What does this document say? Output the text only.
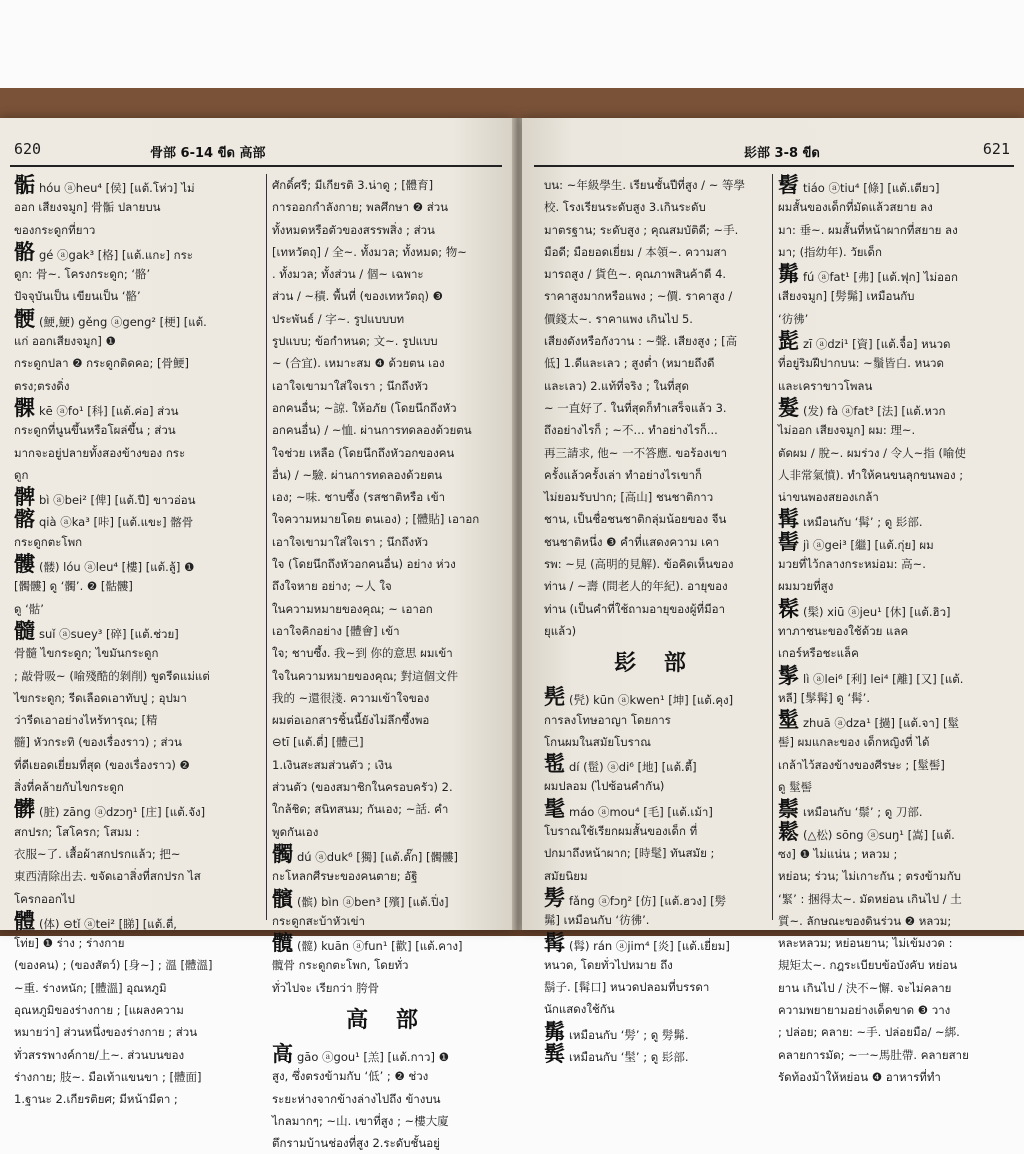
620	骨部 6-14 ขีด 高部
骺hóu ⓐheu⁴ [侯] [แต้.โห่ว] ไม่
ออก เสียงจมูก] 骨骺 ปลายบน
ของกระดูกที่ยาว
骼gé ⓐgak³ [格] [แต้.แกะ] กระ
ดูก: 骨~. โครงกระดูก; ‘骼’
ปัจจุบันเป็น เขียนเป็น ‘骼’
骾 (鯁,鯁) gěng ⓐgeng² [梗] [แต้.
แก่ ออกเสียงจมูก] ❶
กระดูกปลา ❷ กระดูกติดคอ; [骨鯁]
ตรง;ตรงดิ่ง
髁kē ⓐfo¹ [科] [แต้.ค่อ] ส่วน
กระดูกที่นูนขึ้นหรือโผล่ขึ้น ; ส่วน
มากจะอยู่ปลายทั้งสองข้างของ กระ
ดูก
髀bì ⓐbei² [俾] [แต้.ปี] ขาวอ่อน
髂qià ⓐka³ [咔] [แต้.แขะ] 髂骨
กระดูกตะโพก
髏 (髅) lóu ⓐleu⁴ [樓] [แต้.ลู้] ❶
[髑髏] ดู ‘髑’. ❷ [骷髏]
ดู ‘骷’
髓suǐ ⓐsuey³ [碎] [แต้.ช่วย]
骨髓 ไขกระดูก; ไขมันกระดูก
; 敲骨吸~ (喻殘酷的剝削) ขูดรีดแม่แต่
ไขกระดูก; รีดเลือดเอาทับปู ; อุปมา
ว่ารีดเอาอย่างไหร้ทารุณ; [精
髓] หัวกระทิ (ของเรื่องราว) ; ส่วน
ที่ดีเยอดเยี่ยมที่สุด (ของเรื่องราว) ❷
สิ่งที่คล้ายกับไขกระดูก
髒 (脏) zāng ⓐdzɔŋ¹ [庄] [แต้.จัง]
สกปรก; โสโครก; โสมม :
衣服~了. เสื้อผ้าสกปรกแล้ว; 把~
東西清除出去. ขจัดเอาสิ่งที่สกปรก ไส
โครกออกไป
體 (体) ⊖tǐ ⓐtei² [睇] [แต้.ตี่,
โท่ย] ❶ ร่าง ; ร่างกาย
(ของคน) ; (ของสัตว์) [身~] ; 溫 [體溫]
~重. ร่างหนัก; [體溫] อุณหภูมิ
อุณหภูมิของร่างกาย ; [แผลงความ
หมายว่า] ส่วนหนึ่งของร่างกาย ; ส่วน
ทั่วสรรพางค์กาย/上~. ส่วนบนของ
ร่างกาย; 肢~. มือเท้าแขนขา ; [體面]
1.ฐานะ 2.เกียรติยศ; มีหน้ามีตา ;
ศักดิ์ศรี; มีเกียรติ 3.น่าดู ; [體育]
การออกกำลังกาย; พลศึกษา ❷ ส่วน
ทั้งหมดหรือตัวของสรรพสิ่ง ; ส่วน
[เทหวัตถุ] / 全~. ทั้งมวล; ทั้งหมด; 物~
. ทั้งมวล; ทั้งส่วน / 個~ เฉพาะ
ส่วน / ~積. พื้นที่ (ของเทหวัตถุ) ❸
ประพันธ์ / 字~. รูปแบบบท
รูปแบบ; ข้อกำหนด; 文~. รูปแบบ
~ (合宜). เหมาะสม ❹ ด้วยตน เอง
เอาใจเขามาใส่ใจเรา ; นึกถึงหัว
อกคนอื่น; ~諒. ให้อภัย (โดยนึกถึงหัว
อกคนอื่น) / ~恤. ผ่านการทดลองด้วยตน
ใจช่วย เหลือ (โดยนึกถึงหัวอกของคน
อื่น) / ~驗. ผ่านการทดลองด้วยตน
เอง; ~味. ชาบซึ้ง (รสชาติหรือ เข้า
ใจความหมายโดย ตนเอง) ; [體貼] เอาอก
เอาใจเขามาใส่ใจเรา ; นึกถึงหัว
ใจ (โดยนึกถึงหัวอกคนอื่น) อย่าง ห่วง
ถึงใจหาย อย่าง; ~人 ใจ
ในความหมายของคุณ; ~ เอาอก
เอาใจคิกอย่าง [體會] เข้า
ใจ; ชาบซึ้ง. 我~到 你的意思 ผมเข้า
ใจในความหมายของคุณ; 對這個文件
我的 ~還很淺. ความเข้าใจของ
ผมต่อเอกสารชิ้นนี้ยังไม่ลึกซึ้งพอ
⊖tī [แต้.ตี่] [體己]
1.เงินสะสมส่วนตัว ; เงิน
ส่วนตัว (ของสมาชิกในครอบครัว) 2.
ใกล้ชิด; สนิทสนม; กันเอง; ~話. คำ
พูดกันเอง
髑dú ⓐduk⁶ [獨] [แต้.ตั๊ก] [髑髏]
กะโหลกศีรษะของคนตาย; อัฐิ
髕 (髌) bìn ⓐben³ [殯] [แต้.ปิ่ง]
กระดูกสะบ้าหัวเข่า
髖 (髋) kuān ⓐfun¹ [歡] [แต้.คาง]
髖骨 กระดูกตะโพก, โดยทั่ว
ทั่วไปจะ เรียกว่า 胯骨
高 部
高gāo ⓐgou¹ [羔] [แต้.กาว] ❶
สูง, ซึ่งตรงข้ามกับ ‘低’ ; ❷ ช่วง
ระยะห่างจากข้างล่างไปถึง ข้างบน
ไกลมากๆ; ~山. เขาที่สูง ; ~樓大廈
ตึกรามบ้านช่องที่สูง 2.ระดับชั้นอยู่
髟部 3-8 ขีด	621
บน: ~年級學生. เรียนชั้นปีที่สูง / ~ 等學
校. โรงเรียนระดับสูง 3.เกินระดับ
มาตรฐาน; ระดับสูง ; คุณสมบัติดี; ~手.
มือดี; มือยอดเยี่ยม / 本領~. ความสา
มารถสูง / 貨色~. คุณภาพสินค้าดี 4.
ราคาสูงมากหรือแพง ; ~價. ราคาสูง /
價錢太~. ราคาแพง เกินไป 5.
เสียงดังหรือกังวาน : ~聲. เสียงสูง ; [高
低] 1.ดีและเลว ; สูงต่ำ (หมายถึงดี
และเลว) 2.แท้ที่จริง ; ในที่สุด
~ 一直好了. ในที่สุดก็ทำเสร็จแล้ว 3.
ถึงอย่างไรก็ ; ~不... ทำอย่างไรก็...
再三請求, 他~ 一不答應. ขอร้องเขา
ครั้งแล้วครั้งเล่า ทำอย่างไรเขาก็
ไม่ยอมรับปาก; [高山] ชนชาติกาว
ชาน, เป็นชื่อชนชาติกลุ่มน้อยของ จีน
ชนชาติหนึ่ง ❸ คำที่แสดงความ เคา
รพ: ~見 (高明的見解). ข้อคิดเห็นของ
ท่าน / ~壽 (問老人的年紀). อายุของ
ท่าน (เป็นคำที่ใช้ถามอายุของผู้ที่มีอา
ยุแล้ว)
髟 部
髡 (髠) kūn ⓐkwen¹ [坤] [แต้.คุง]
การลงโทษอาญา โดยการ
โกนผมในสมัยโบราณ
髢dí (髢) ⓐdi⁶ [地] [แต้.ตี้]
ผมปลอม (ไปซ้อนคำกัน)
髦máo ⓐmou⁴ [毛] [แต้.เม้า]
โบราณใช้เรียกผมสั้นของเด็ก ที่
ปกมาถึงหน้าผาก; [時髦] ทันสมัย ;
สมัยนิยม
髣fǎng ⓐfɔŋ² [仿] [แต้.ฮวง] [髣
髴] เหมือนกับ ‘彷彿’.
髯 (髥) rán ⓐjim⁴ [炎] [แต้.เยี่ยม]
หนวด, โดยทั่วไปหมาย ถึง
鬍子. [髯口] หนวดปลอมที่บรรดา
นักแสดงใช้กัน
髴เหมือนกับ ‘髣’ ; ดู 髣髴.
髸เหมือนกับ ‘髬’ ; ดู 髟部.
髫tiáo ⓐtiu⁴ [條] [แต้.เตียว]
ผมสั้นของเด็กที่มัดแล้วสยาย ลง
มา: 垂~. ผมสั้นที่หน้าผากที่สยาย ลง
มา; (指幼年). วัยเด็ก
髴fú ⓐfat¹ [弗] [แต้.ฟุก] ไม่ออก
เสียงจมูก] [髣髴] เหมือนกับ
‘彷彿’
髭zī ⓐdzi¹ [資] [แต้.จื๋อ] หนวด
ที่อยู่ริมฝีปากบน: ~鬚皆白. หนวด
และเคราขาวโพลน
髮 (发) fà ⓐfat³ [法] [แต้.หวก
ไม่ออก เสียงจมูก] ผม: 理~.
ตัดผม / 脫~. ผมร่วง / 令人~指 (喻使
人非常氣憤). ทำให้คนขนลุกขนพอง ;
น่าขนพองสยองเกล้า
髯เหมือนกับ ‘髯’ ; ดู 髟部.
髻jì ⓐgei³ [繼] [แต้.กุ่ย] ผม
มวยที่ไว้กลางกระหม่อม: 高~.
ผมมวยที่สูง
髹 (髤) xiū ⓐjeu¹ [休] [แต้.ฮิว]
ทาภาชนะของใช้ด้วย แลค
เกอร์หรือชะแล็ค
髳lì ⓐlei⁶ [利] lei⁴ [離] [又] [แต้.
หลี] [髳髯] ดู ‘髯’.
髽zhuā ⓐdza¹ [撾] [แต้.จา] [髽
髻] ผมแกละของ เด็กหญิงที่ ได้
เกล้าไว้สองข้างของศีรษะ ; [髽髻]
ดู 髽髻
鬃เหมือนกับ ‘鬃’ ; ดู 刀部.
鬆 (△松) sōng ⓐsuŋ¹ [嵩] [แต้.
ซง] ❶ ไม่แน่น ; หลวม ;
หย่อน; ร่วน; ไม่เกาะกัน ; ตรงข้ามกับ
‘緊’ : 捆得太~. มัดหย่อน เกินไป / 土
質~. ลักษณะของดินร่วน ❷ หลวม;
หละหลวม; หย่อนยาน; ไม่เข้มงวด :
規矩太~. กฎระเบียบข้อบังคับ หย่อน
ยาน เกินไป / 決不~懈. จะไม่คลาย
ความพยายามอย่างเด็ดขาด ❸ วาง
; ปล่อย; คลาย: ~手. ปล่อยมือ/ ~綁.
คลายการมัด; ~一~馬肚帶. คลายสาย
รัดท้องม้าให้หย่อน ❹ อาหารที่ทำ
